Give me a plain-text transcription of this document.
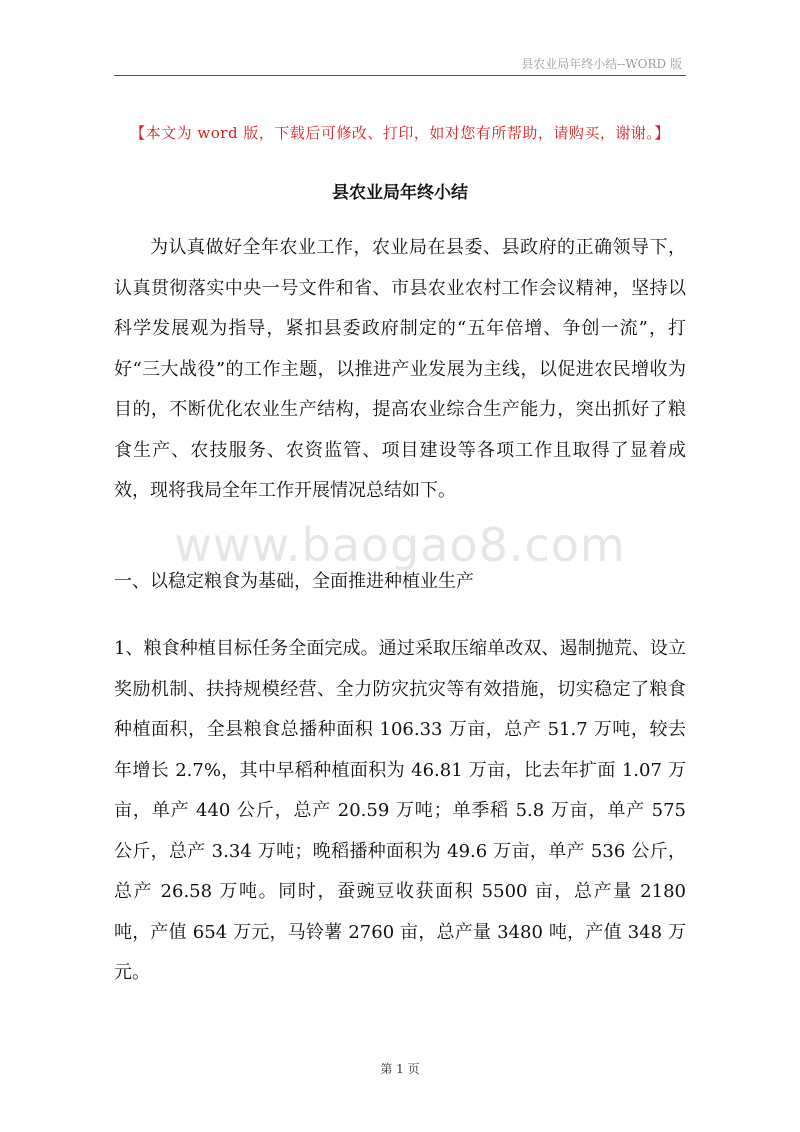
县农业局年终小结--WORD 版
【本文为 word 版，下载后可修改、打印，如对您有所帮助，请购买，谢谢。】
县农业局年终小结

为认真做好全年农业工作，农业局在县委、县政府的正确领导下，认真贯彻落实中央一号文件和省、市县农业农村工作会议精神，坚持以科学发展观为指导，紧扣县委政府制定的“五年倍增、争创一流”，打好“三大战役”的工作主题，以推进产业发展为主线，以促进农民增收为目的，不断优化农业生产结构，提高农业综合生产能力，突出抓好了粮食生产、农技服务、农资监管、项目建设等各项工作且取得了显着成效，现将我局全年工作开展情况总结如下。

www.baogao8.com
一、以稳定粮食为基础，全面推进种植业生产

1、粮食种植目标任务全面完成。通过采取压缩单改双、遏制抛荒、设立奖励机制、扶持规模经营、全力防灾抗灾等有效措施，切实稳定了粮食种植面积，全县粮食总播种面积 106.33 万亩，总产 51.7 万吨，较去年增长 2.7%，其中早稻种植面积为 46.81 万亩，比去年扩面 1.07 万亩，单产 440 公斤，总产 20.59 万吨；单季稻 5.8 万亩，单产 575 公斤，总产 3.34 万吨；晚稻播种面积为 49.6 万亩，单产 536 公斤，总产 26.58 万吨。同时，蚕豌豆收获面积 5500 亩，总产量 2180 吨，产值 654 万元，马铃薯 2760 亩，总产量 3480 吨，产值 348 万元。

第 1 页
